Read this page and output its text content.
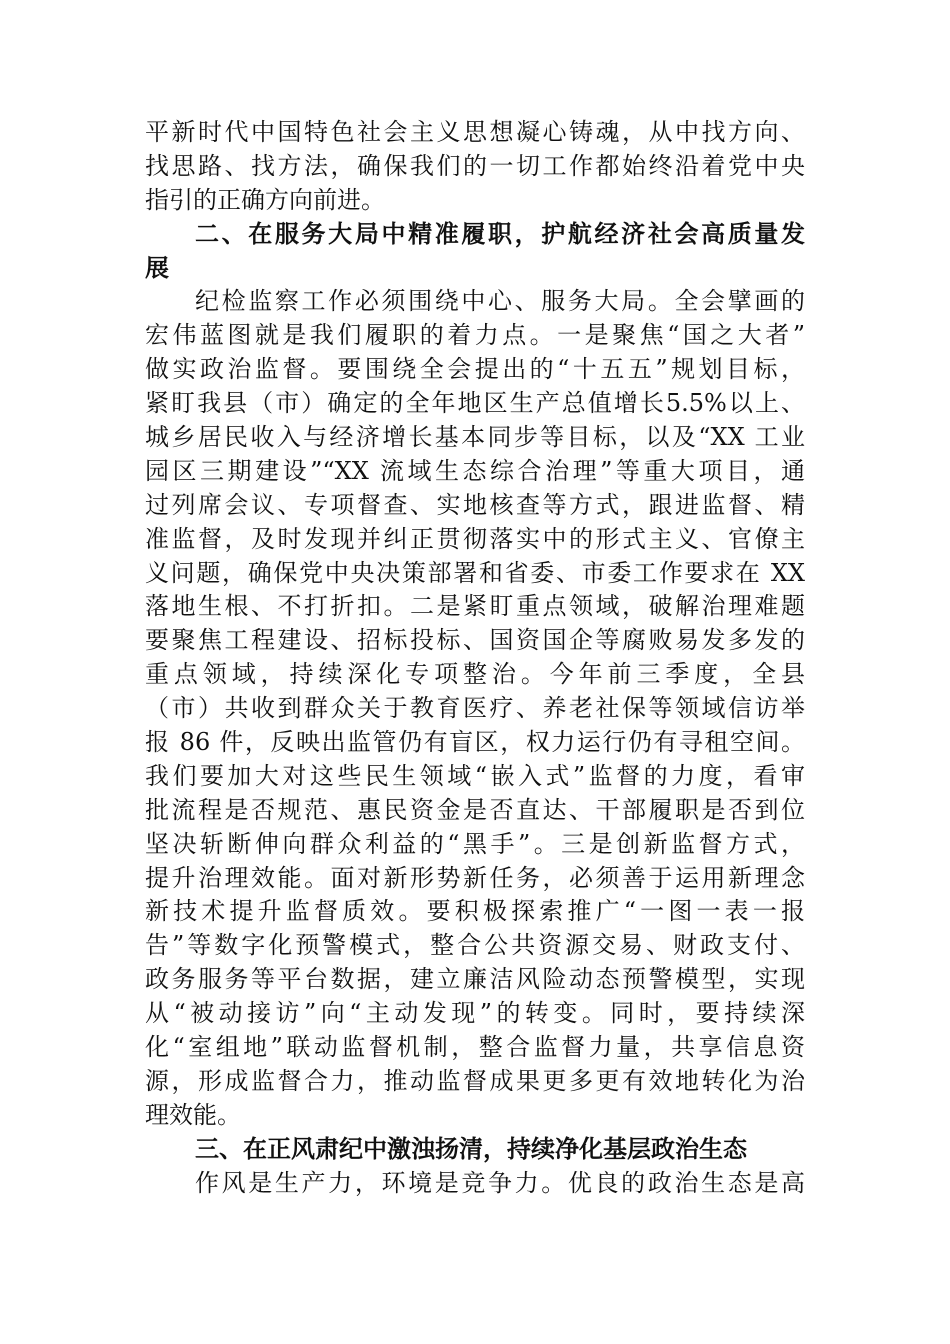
平新时代中国特色社会主义思想凝心铸魂，从中找方向、
找思路、找方法，确保我们的一切工作都始终沿着党中央
指引的正确方向前进。
二、在服务大局中精准履职，护航经济社会高质量发
展
纪检监察工作必须围绕中心、服务大局。全会擘画的
宏伟蓝图就是我们履职的着力点。一是聚焦“国之大者”
做实政治监督。要围绕全会提出的“十五五”规划目标，
紧盯我县（市）确定的全年地区生产总值增长5.5%以上、
城乡居民收入与经济增长基本同步等目标，以及“XX 工业
园区三期建设”“XX 流域生态综合治理”等重大项目，通
过列席会议、专项督查、实地核查等方式，跟进监督、精
准监督，及时发现并纠正贯彻落实中的形式主义、官僚主
义问题，确保党中央决策部署和省委、市委工作要求在 XX
落地生根、不打折扣。二是紧盯重点领域，破解治理难题
要聚焦工程建设、招标投标、国资国企等腐败易发多发的
重点领域，持续深化专项整治。今年前三季度，全县
（市）共收到群众关于教育医疗、养老社保等领域信访举
报 86 件，反映出监管仍有盲区，权力运行仍有寻租空间。
我们要加大对这些民生领域“嵌入式”监督的力度，看审
批流程是否规范、惠民资金是否直达、干部履职是否到位
坚决斩断伸向群众利益的“黑手”。三是创新监督方式，
提升治理效能。面对新形势新任务，必须善于运用新理念
新技术提升监督质效。要积极探索推广“一图一表一报
告”等数字化预警模式，整合公共资源交易、财政支付、
政务服务等平台数据，建立廉洁风险动态预警模型，实现
从“被动接访”向“主动发现”的转变。同时，要持续深
化“室组地”联动监督机制，整合监督力量，共享信息资
源，形成监督合力，推动监督成果更多更有效地转化为治
理效能。
三、在正风肃纪中激浊扬清，持续净化基层政治生态
作风是生产力，环境是竞争力。优良的政治生态是高
